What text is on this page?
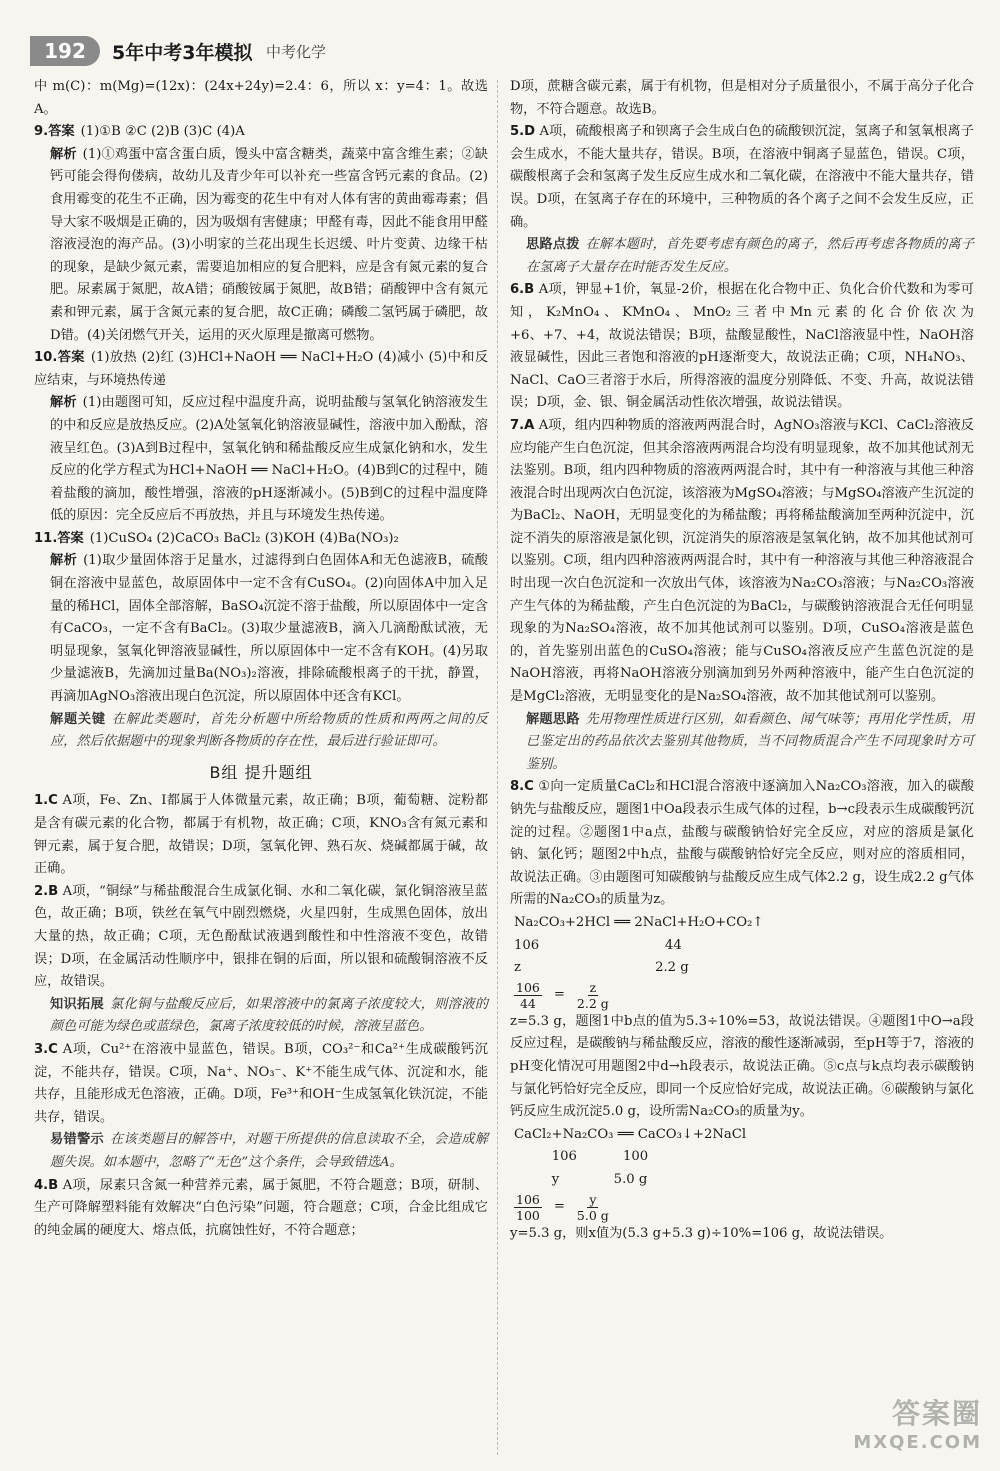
192	5年中考3年模拟 中考化学

中 m(C)：m(Mg)=(12x)：(24x+24y)=2.4：6，所以 x：y=4：1。故选 A。

9.答案 (1)①B ②C (2)B (3)C (4)A

解析 (1)①鸡蛋中富含蛋白质，馒头中富含糖类，蔬菜中富含维生素；②缺钙可能会得佝偻病，故幼儿及青少年可以补充一些富含钙元素的食品。(2)食用霉变的花生不正确，因为霉变的花生中有对人体有害的黄曲霉毒素；倡导大家不吸烟是正确的，因为吸烟有害健康；甲醛有毒，因此不能食用甲醛溶液浸泡的海产品。(3)小明家的兰花出现生长迟缓、叶片变黄、边缘干枯的现象，是缺少氮元素，需要追加相应的复合肥料，应是含有氮元素的复合肥。尿素属于氮肥，故A错；硝酸铵属于氮肥，故B错；硝酸钾中含有氮元素和钾元素，属于含氮元素的复合肥，故C正确；磷酸二氢钙属于磷肥，故D错。(4)关闭燃气开关，运用的灭火原理是撤离可燃物。

10.答案 (1)放热 (2)红 (3)HCl+NaOH ══ NaCl+H₂O (4)减小 (5)中和反应结束，与环境热传递

解析 (1)由题图可知，反应过程中温度升高，说明盐酸与氢氧化钠溶液发生的中和反应是放热反应。(2)A处氢氧化钠溶液显碱性，溶液中加入酚酞，溶液呈红色。(3)A到B过程中，氢氧化钠和稀盐酸反应生成氯化钠和水，发生反应的化学方程式为HCl+NaOH ══ NaCl+H₂O。(4)B到C的过程中，随着盐酸的滴加，酸性增强，溶液的pH逐渐减小。(5)B到C的过程中温度降低的原因：完全反应后不再放热，并且与环境发生热传递。

11.答案 (1)CuSO₄ (2)CaCO₃ BaCl₂ (3)KOH (4)Ba(NO₃)₂

解析 (1)取少量固体溶于足量水，过滤得到白色固体A和无色滤液B，硫酸铜在溶液中显蓝色，故原固体中一定不含有CuSO₄。(2)向固体A中加入足量的稀HCl，固体全部溶解，BaSO₄沉淀不溶于盐酸，所以原固体中一定含有CaCO₃，一定不含有BaCl₂。(3)取少量滤液B，滴入几滴酚酞试液，无明显现象，氢氧化钾溶液显碱性，所以原固体中一定不含有KOH。(4)另取少量滤液B，先滴加过量Ba(NO₃)₂溶液，排除硫酸根离子的干扰，静置，再滴加AgNO₃溶液出现白色沉淀，所以原固体中还含有KCl。

解题关键 在解此类题时，首先分析题中所给物质的性质和两两之间的反应，然后依据题中的现象判断各物质的存在性，最后进行验证即可。

B组 提升题组

1.C A项，Fe、Zn、I都属于人体微量元素，故正确；B项，葡萄糖、淀粉都是含有碳元素的化合物，都属于有机物，故正确；C项，KNO₃含有氮元素和钾元素，属于复合肥，故错误；D项，氢氧化钾、熟石灰、烧碱都属于碱，故正确。

2.B A项，“铜绿”与稀盐酸混合生成氯化铜、水和二氧化碳，氯化铜溶液呈蓝色，故正确；B项，铁丝在氧气中剧烈燃烧，火星四射，生成黑色固体，放出大量的热，故正确；C项，无色酚酞试液遇到酸性和中性溶液不变色，故错误；D项，在金属活动性顺序中，银排在铜的后面，所以银和硫酸铜溶液不反应，故错误。

知识拓展 氯化铜与盐酸反应后，如果溶液中的氯离子浓度较大，则溶液的颜色可能为绿色或蓝绿色，氯离子浓度较低的时候，溶液呈蓝色。

3.C A项，Cu²⁺在溶液中显蓝色，错误。B项，CO₃²⁻和Ca²⁺生成碳酸钙沉淀，不能共存，错误。C项，Na⁺、NO₃⁻、K⁺不能生成气体、沉淀和水，能共存，且能形成无色溶液，正确。D项，Fe³⁺和OH⁻生成氢氧化铁沉淀，不能共存，错误。

易错警示 在该类题目的解答中，对题干所提供的信息读取不全，会造成解题失误。如本题中，忽略了“无色”这个条件，会导致错选A。

4.B A项，尿素只含氮一种营养元素，属于氮肥，不符合题意；B项，研制、生产可降解塑料能有效解决“白色污染”问题，符合题意；C项，合金比组成它的纯金属的硬度大、熔点低，抗腐蚀性好，不符合题意；

D项，蔗糖含碳元素，属于有机物，但是相对分子质量很小，不属于高分子化合物，不符合题意。故选B。

5.D A项，硫酸根离子和钡离子会生成白色的硫酸钡沉淀，氢离子和氢氧根离子会生成水，不能大量共存，错误。B项，在溶液中铜离子显蓝色，错误。C项，碳酸根离子会和氢离子发生反应生成水和二氧化碳，在溶液中不能大量共存，错误。D项，在氢离子存在的环境中，三种物质的各个离子之间不会发生反应，正确。

思路点拨 在解本题时，首先要考虑有颜色的离子，然后再考虑各物质的离子在氢离子大量存在时能否发生反应。

6.B A项，钾显+1价，氧显-2价，根据在化合物中正、负化合价代数和为零可知，K₂MnO₄、KMnO₄、MnO₂三者中Mn元素的化合价依次为+6、+7、+4，故说法错误；B项，盐酸显酸性，NaCl溶液显中性，NaOH溶液显碱性，因此三者饱和溶液的pH逐渐变大，故说法正确；C项，NH₄NO₃、NaCl、CaO三者溶于水后，所得溶液的温度分别降低、不变、升高，故说法错误；D项，金、银、铜金属活动性依次增强，故说法错误。

7.A A项，组内四种物质的溶液两两混合时，AgNO₃溶液与KCl、CaCl₂溶液反应均能产生白色沉淀，但其余溶液两两混合均没有明显现象，故不加其他试剂无法鉴别。B项，组内四种物质的溶液两两混合时，其中有一种溶液与其他三种溶液混合时出现两次白色沉淀，该溶液为MgSO₄溶液；与MgSO₄溶液产生沉淀的为BaCl₂、NaOH，无明显变化的为稀盐酸；再将稀盐酸滴加至两种沉淀中，沉淀不消失的原溶液是氯化钡，沉淀消失的原溶液是氢氧化钠，故不加其他试剂可以鉴别。C项，组内四种溶液两两混合时，其中有一种溶液与其他三种溶液混合时出现一次白色沉淀和一次放出气体，该溶液为Na₂CO₃溶液；与Na₂CO₃溶液产生气体的为稀盐酸，产生白色沉淀的为BaCl₂，与碳酸钠溶液混合无任何明显现象的为Na₂SO₄溶液，故不加其他试剂可以鉴别。D项，CuSO₄溶液是蓝色的，首先鉴别出蓝色的CuSO₄溶液；能与CuSO₄溶液反应产生蓝色沉淀的是NaOH溶液，再将NaOH溶液分别滴加到另外两种溶液中，能产生白色沉淀的是MgCl₂溶液，无明显变化的是Na₂SO₄溶液，故不加其他试剂可以鉴别。

解题思路 先用物理性质进行区别，如看颜色、闻气味等；再用化学性质，用已鉴定出的药品依次去鉴别其他物质，当不同物质混合产生不同现象时方可鉴别。

8.C ①向一定质量CaCl₂和HCl混合溶液中逐滴加入Na₂CO₃溶液，加入的碳酸钠先与盐酸反应，题图1中Oa段表示生成气体的过程，b→c段表示生成碳酸钙沉淀的过程。②题图1中a点，盐酸与碳酸钠恰好完全反应，对应的溶质是氯化钠、氯化钙；题图2中h点，盐酸与碳酸钠恰好完全反应，则对应的溶质相同，故说法正确。③由题图可知碳酸钠与盐酸反应生成气体2.2 g，设生成2.2 g气体所需的Na₂CO₃的质量为z。

Na₂CO₃+2HCl ══ 2NaCl+H₂O+CO₂↑
106                              44
z                                2.2 g
$\frac{106}{44} = \frac{z}{2.2 g}$

z=5.3 g，题图1中b点的值为5.3÷10%=53，故说法错误。④题图1中O→a段反应过程，是碳酸钠与稀盐酸反应，溶液的酸性逐渐减弱，至pH等于7，溶液的pH变化情况可用题图2中d→h段表示，故说法正确。⑤c点与k点均表示碳酸钠与氯化钙恰好完全反应，即同一个反应恰好完成，故说法正确。⑥碳酸钠与氯化钙反应生成沉淀5.0 g，设所需Na₂CO₃的质量为y。

CaCl₂+Na₂CO₃ ══ CaCO₃↓+2NaCl
106           100
y             5.0 g
$\frac{106}{100} = \frac{y}{5.0 g}$

y=5.3 g，则x值为(5.3 g+5.3 g)÷10%=106 g，故说法错误。

答案圈
MXQE.COM
